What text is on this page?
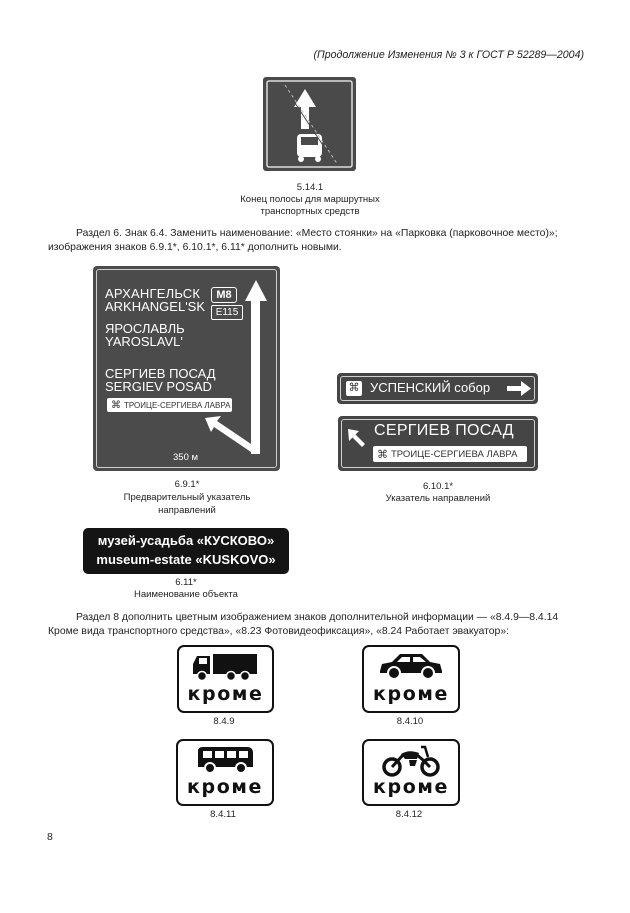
(Продолжение Изменения № 3 к ГОСТ Р 52289—2004)
5.14.1
Конец полосы для маршрутных
транспортных средств
Раздел 6. Знак 6.4. Заменить наименование: «Место стоянки» на «Парковка (парковочное место)»;
изображения знаков 6.9.1*, 6.10.1*, 6.11* дополнить новыми.
АРХАНГЕЛЬСК
ARKHANGEL'SK
M8
E115
ЯРОСЛАВЛЬ
YAROSLAVL'
СЕРГИЕВ ПОСАД
SERGIEV POSAD
⌘ ТРОИЦЕ-СЕРГИЕВА ЛАВРА
350 м
6.9.1*
Предварительный указатель
направлений
⌘ УСПЕНСКИЙ собор
СЕРГИЕВ ПОСАД
⌘ ТРОИЦЕ-СЕРГИЕВА ЛАВРА
6.10.1*
Указатель направлений
музей-усадьба «КУСКОВО»
museum-estate «KUSKOVO»
6.11*
Наименование объекта
Раздел 8 дополнить цветным изображением знаков дополнительной информации — «8.4.9—8.4.14
Кроме вида транспортного средства», «8.23 Фотовидеофиксация», «8.24 Работает эвакуатор»:
кроме
8.4.9
кроме
8.4.10
кроме
8.4.11
кроме
8.4.12
8
